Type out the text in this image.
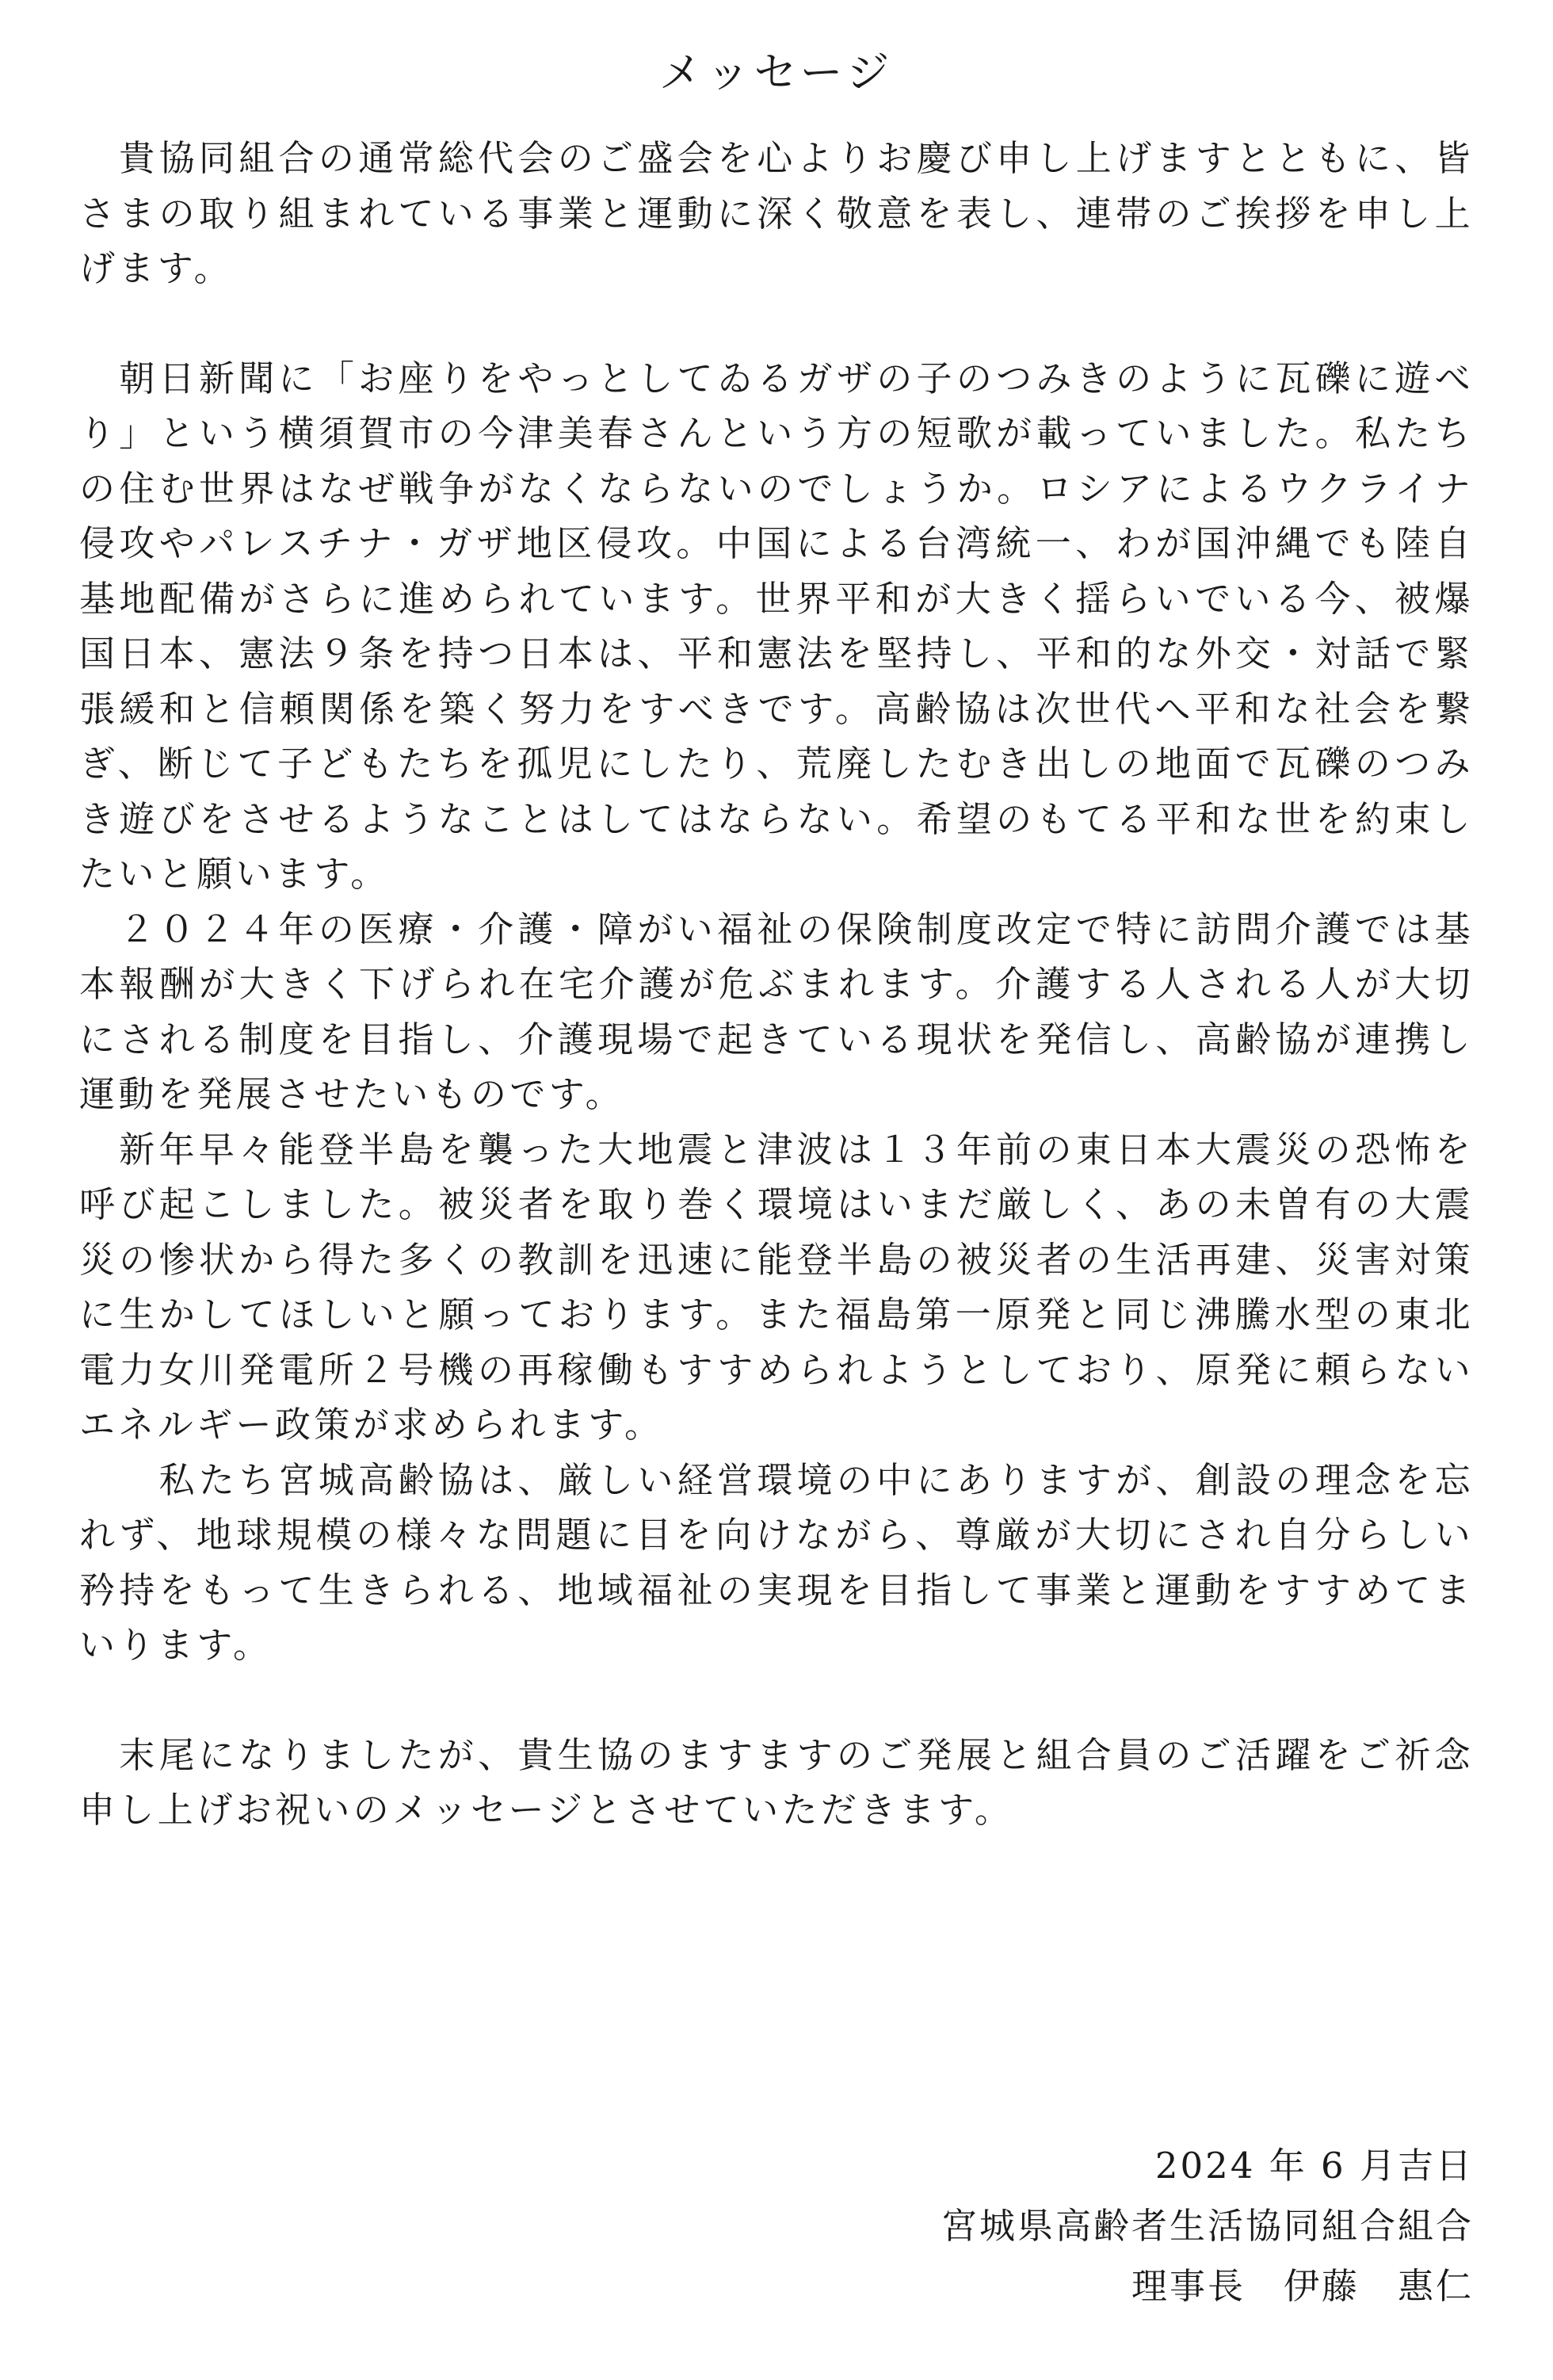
メッセージ

　貴協同組合の通常総代会のご盛会を心よりお慶び申し上げますとともに、皆さまの取り組まれている事業と運動に深く敬意を表し、連帯のご挨拶を申し上げます。

　朝日新聞に「お座りをやっとしてゐるガザの子のつみきのように瓦礫に遊べり」という横須賀市の今津美春さんという方の短歌が載っていました。私たちの住む世界はなぜ戦争がなくならないのでしょうか。ロシアによるウクライナ侵攻やパレスチナ・ガザ地区侵攻。中国による台湾統一、わが国沖縄でも陸自基地配備がさらに進められています。世界平和が大きく揺らいでいる今、被爆国日本、憲法９条を持つ日本は、平和憲法を堅持し、平和的な外交・対話で緊張緩和と信頼関係を築く努力をすべきです。高齢協は次世代へ平和な社会を繋ぎ、断じて子どもたちを孤児にしたり、荒廃したむき出しの地面で瓦礫のつみき遊びをさせるようなことはしてはならない。希望のもてる平和な世を約束したいと願います。

　２０２４年の医療・介護・障がい福祉の保険制度改定で特に訪問介護では基本報酬が大きく下げられ在宅介護が危ぶまれます。介護する人される人が大切にされる制度を目指し、介護現場で起きている現状を発信し、高齢協が連携し運動を発展させたいものです。

　新年早々能登半島を襲った大地震と津波は１３年前の東日本大震災の恐怖を呼び起こしました。被災者を取り巻く環境はいまだ厳しく、あの未曽有の大震災の惨状から得た多くの教訓を迅速に能登半島の被災者の生活再建、災害対策に生かしてほしいと願っております。また福島第一原発と同じ沸騰水型の東北電力女川発電所２号機の再稼働もすすめられようとしており、原発に頼らないエネルギー政策が求められます。

　　私たち宮城高齢協は、厳しい経営環境の中にありますが、創設の理念を忘れず、地球規模の様々な問題に目を向けながら、尊厳が大切にされ自分らしい矜持をもって生きられる、地域福祉の実現を目指して事業と運動をすすめてまいります。

　末尾になりましたが、貴生協のますますのご発展と組合員のご活躍をご祈念申し上げお祝いのメッセージとさせていただきます。

2024 年 6 月吉日
宮城県高齢者生活協同組合組合
理事長　伊藤　惠仁
